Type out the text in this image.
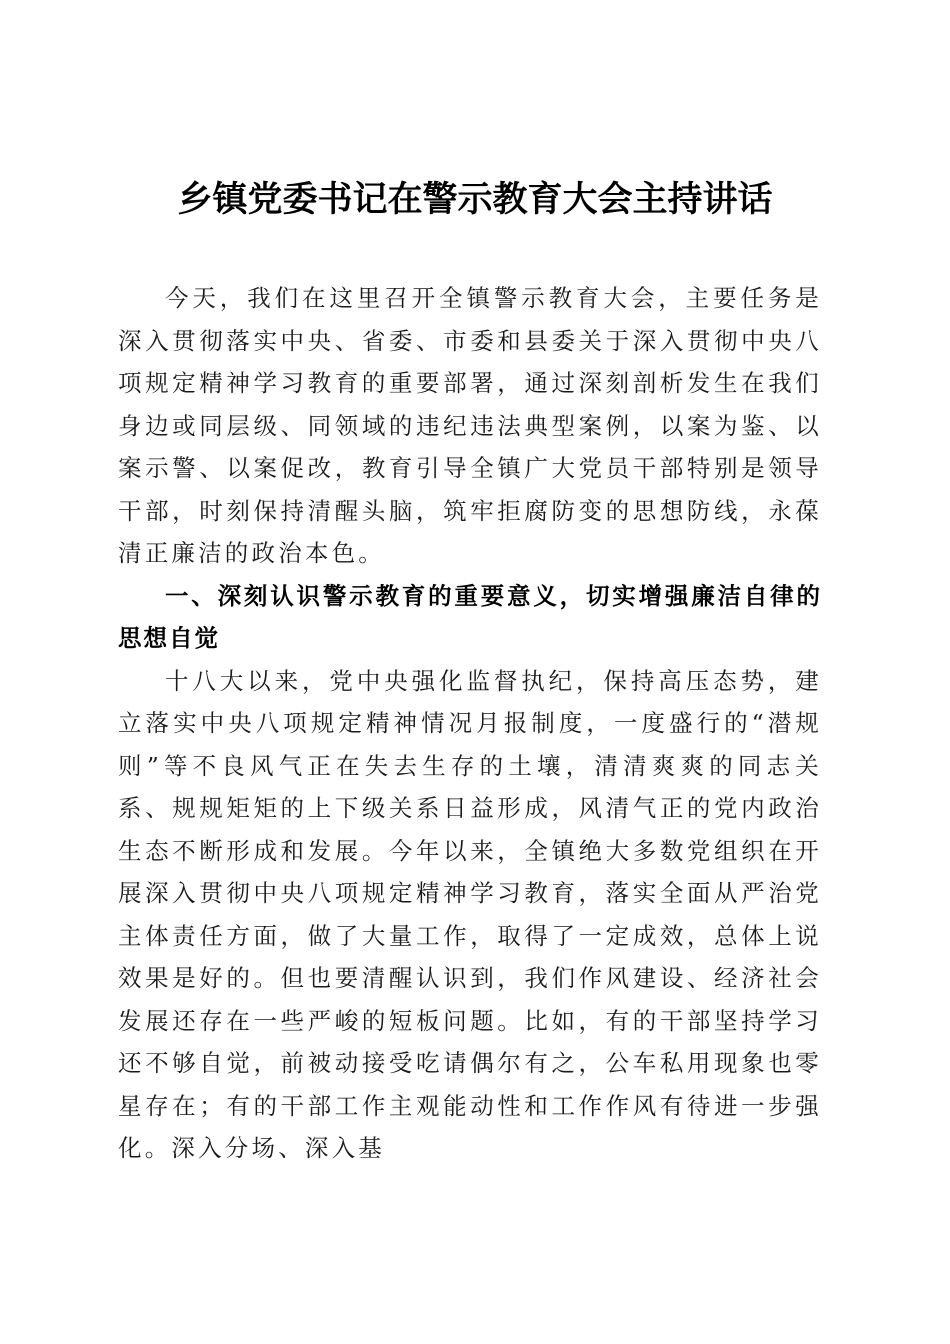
乡镇党委书记在警示教育大会主持讲话

今天，我们在这里召开全镇警示教育大会，主要任务是深入贯彻落实中央、省委、市委和县委关于深入贯彻中央八项规定精神学习教育的重要部署，通过深刻剖析发生在我们身边或同层级、同领域的违纪违法典型案例，以案为鉴、以案示警、以案促改，教育引导全镇广大党员干部特别是领导干部，时刻保持清醒头脑，筑牢拒腐防变的思想防线，永葆清正廉洁的政治本色。

一、深刻认识警示教育的重要意义，切实增强廉洁自律的思想自觉

十八大以来，党中央强化监督执纪，保持高压态势，建立落实中央八项规定精神情况月报制度，一度盛行的“潜规则”等不良风气正在失去生存的土壤，清清爽爽的同志关系、规规矩矩的上下级关系日益形成，风清气正的党内政治生态不断形成和发展。今年以来，全镇绝大多数党组织在开展深入贯彻中央八项规定精神学习教育，落实全面从严治党主体责任方面，做了大量工作，取得了一定成效，总体上说效果是好的。但也要清醒认识到，我们作风建设、经济社会发展还存在一些严峻的短板问题。比如，有的干部坚持学习还不够自觉，前被动接受吃请偶尔有之，公车私用现象也零星存在；有的干部工作主观能动性和工作作风有待进一步强化。深入分场、深入基
